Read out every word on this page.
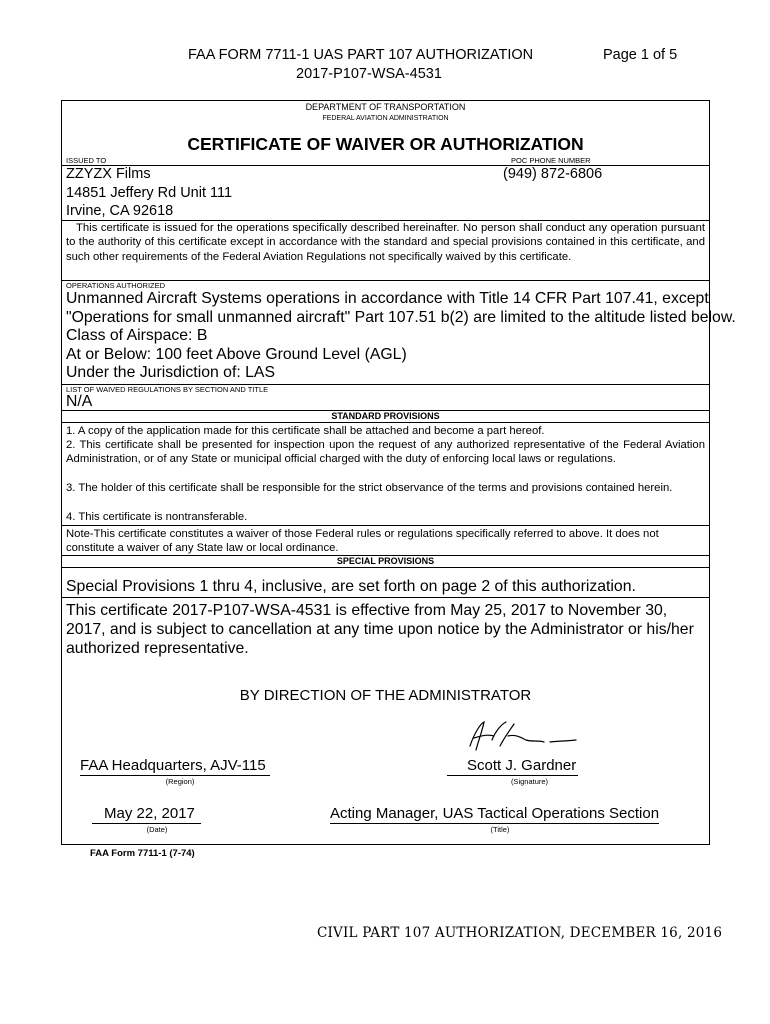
FAA FORM 7711-1 UAS PART 107 AUTHORIZATION	Page 1 of 5
2017-P107-WSA-4531
DEPARTMENT OF TRANSPORTATION
FEDERAL AVIATION ADMINISTRATION
CERTIFICATE OF WAIVER OR AUTHORIZATION
ISSUED TO	POC PHONE NUMBER
ZZYZX Films	(949) 872-6806
14851 Jeffery Rd Unit 111
Irvine, CA 92618
This certificate is issued for the operations specifically described hereinafter. No person shall conduct any operation pursuant to the authority of this certificate except in accordance with the standard and special provisions contained in this certificate, and such other requirements of the Federal Aviation Regulations not specifically waived by this certificate.
OPERATIONS AUTHORIZED
Unmanned Aircraft Systems operations in accordance with Title 14 CFR Part 107.41, except
"Operations for small unmanned aircraft" Part 107.51 b(2) are limited to the altitude listed below.
Class of Airspace: B
At or Below: 100 feet Above Ground Level (AGL)
Under the Jurisdiction of: LAS
LIST OF WAIVED REGULATIONS BY SECTION AND TITLE
N/A
STANDARD PROVISIONS
1. A copy of the application made for this certificate shall be attached and become a part hereof.
2. This certificate shall be presented for inspection upon the request of any authorized representative of the Federal Aviation Administration, or of any State or municipal official charged with the duty of enforcing local laws or regulations.
3. The holder of this certificate shall be responsible for the strict observance of the terms and provisions contained herein.
4. This certificate is nontransferable.
Note-This certificate constitutes a waiver of those Federal rules or regulations specifically referred to above. It does not constitute a waiver of any State law or local ordinance.
SPECIAL PROVISIONS
Special Provisions 1 thru 4, inclusive, are set forth on page 2 of this authorization.
This certificate 2017-P107-WSA-4531 is effective from May 25, 2017 to November 30, 2017, and is subject to cancellation at any time upon notice by the Administrator or his/her authorized representative.
BY DIRECTION OF THE ADMINISTRATOR
FAA Headquarters, AJV-115
(Region)
Scott J. Gardner
(Signature)
May 22, 2017
(Date)
Acting Manager, UAS Tactical Operations Section
(Title)
FAA Form 7711-1 (7-74)
CIVIL PART 107 AUTHORIZATION, DECEMBER 16, 2016
